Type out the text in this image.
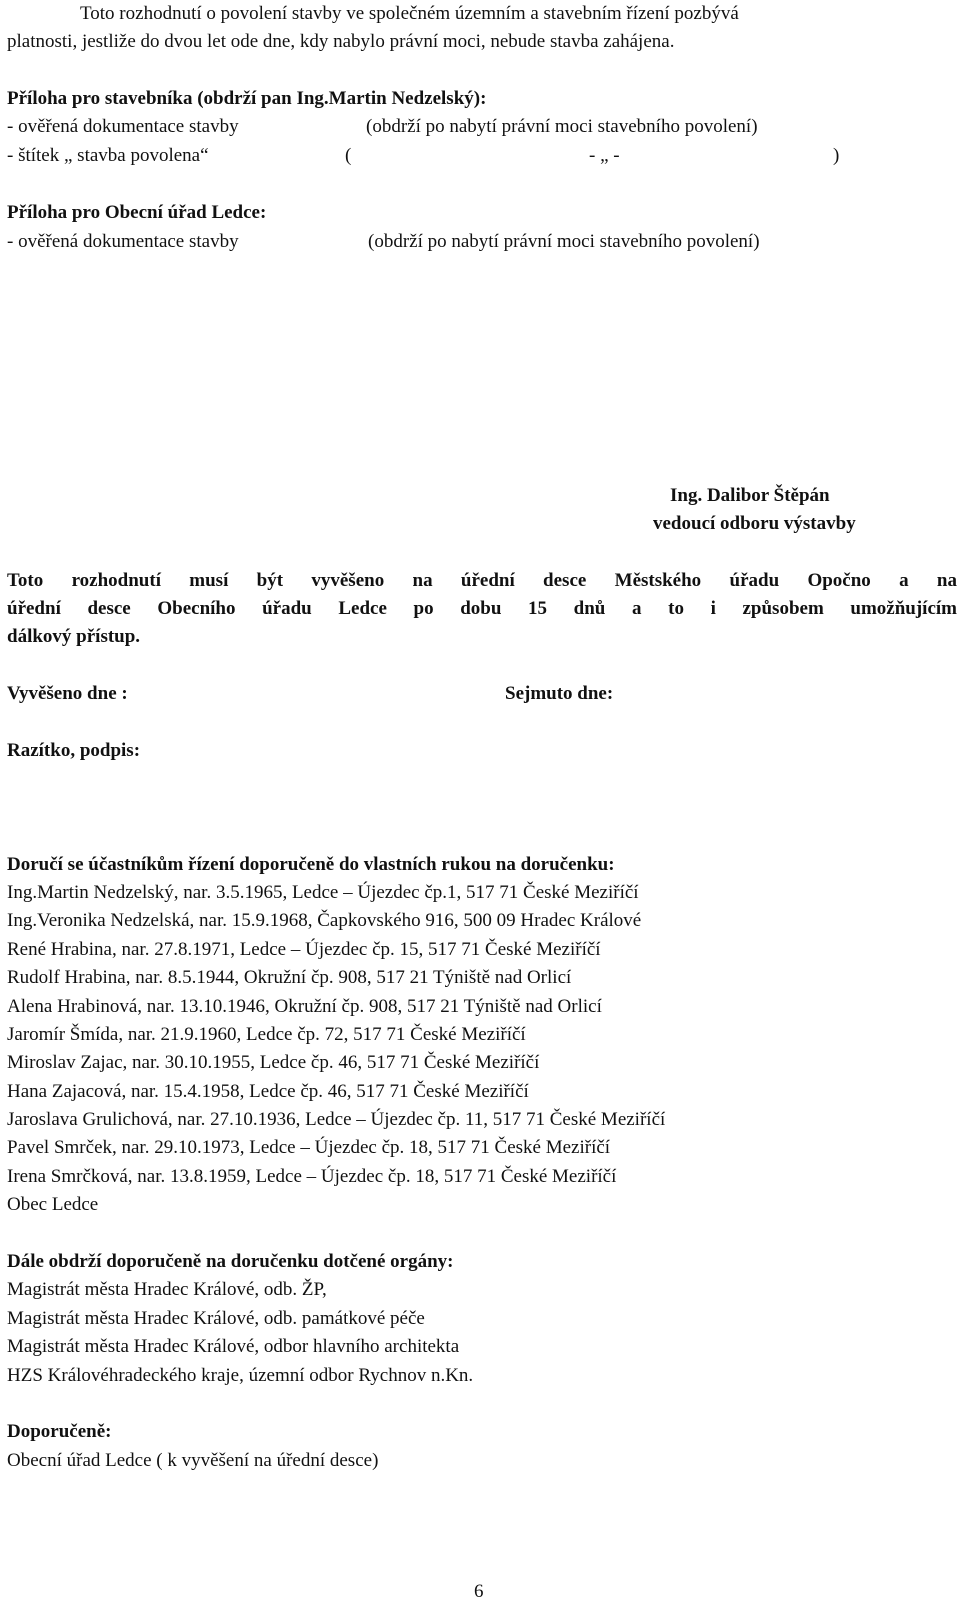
Toto rozhodnutí o povolení stavby ve společném územním a stavebním řízení pozbývá
platnosti, jestliže do dvou let ode dne, kdy nabylo právní moci, nebude stavba zahájena.
Příloha pro stavebníka (obdrží pan Ing.Martin Nedzelský):
- ověřená dokumentace stavby	(obdrží po nabytí právní moci stavebního povolení)
- štítek „ stavba povolena“	(	- „ -	)
Příloha pro Obecní úřad Ledce:
- ověřená dokumentace stavby	(obdrží po nabytí právní moci stavebního povolení)
Ing. Dalibor Štěpán
vedoucí odboru výstavby
Toto rozhodnutí musí být vyvěšeno na úřední desce Městského úřadu Opočno a na
úřední desce Obecního úřadu Ledce po dobu 15 dnů a to i způsobem umožňujícím
dálkový přístup.
Vyvěšeno dne :	Sejmuto dne:
Razítko, podpis:
Doručí se účastníkům řízení doporučeně do vlastních rukou na doručenku:
Ing.Martin Nedzelský, nar. 3.5.1965, Ledce – Újezdec čp.1, 517 71 České Meziříčí
Ing.Veronika Nedzelská, nar. 15.9.1968, Čapkovského 916, 500 09 Hradec Králové
René Hrabina, nar. 27.8.1971, Ledce – Újezdec čp. 15, 517 71 České Meziříčí
Rudolf Hrabina, nar. 8.5.1944, Okružní čp. 908, 517 21 Týniště nad Orlicí
Alena Hrabinová, nar. 13.10.1946, Okružní čp. 908, 517 21 Týniště nad Orlicí
Jaromír Šmída, nar. 21.9.1960, Ledce čp. 72, 517 71 České Meziříčí
Miroslav Zajac, nar. 30.10.1955, Ledce čp. 46, 517 71 České Meziříčí
Hana Zajacová, nar. 15.4.1958, Ledce čp. 46, 517 71 České Meziříčí
Jaroslava Grulichová, nar. 27.10.1936, Ledce – Újezdec čp. 11, 517 71 České Meziříčí
Pavel Smrček, nar. 29.10.1973, Ledce – Újezdec čp. 18, 517 71 České Meziříčí
Irena Smrčková, nar. 13.8.1959, Ledce – Újezdec čp. 18, 517 71 České Meziříčí
Obec Ledce
Dále obdrží doporučeně na doručenku dotčené orgány:
Magistrát města Hradec Králové, odb. ŽP,
Magistrát města Hradec Králové, odb. památkové péče
Magistrát města Hradec Králové, odbor hlavního architekta
HZS Královéhradeckého kraje, územní odbor Rychnov n.Kn.
Doporučeně:
Obecní úřad Ledce ( k vyvěšení na úřední desce)
6
